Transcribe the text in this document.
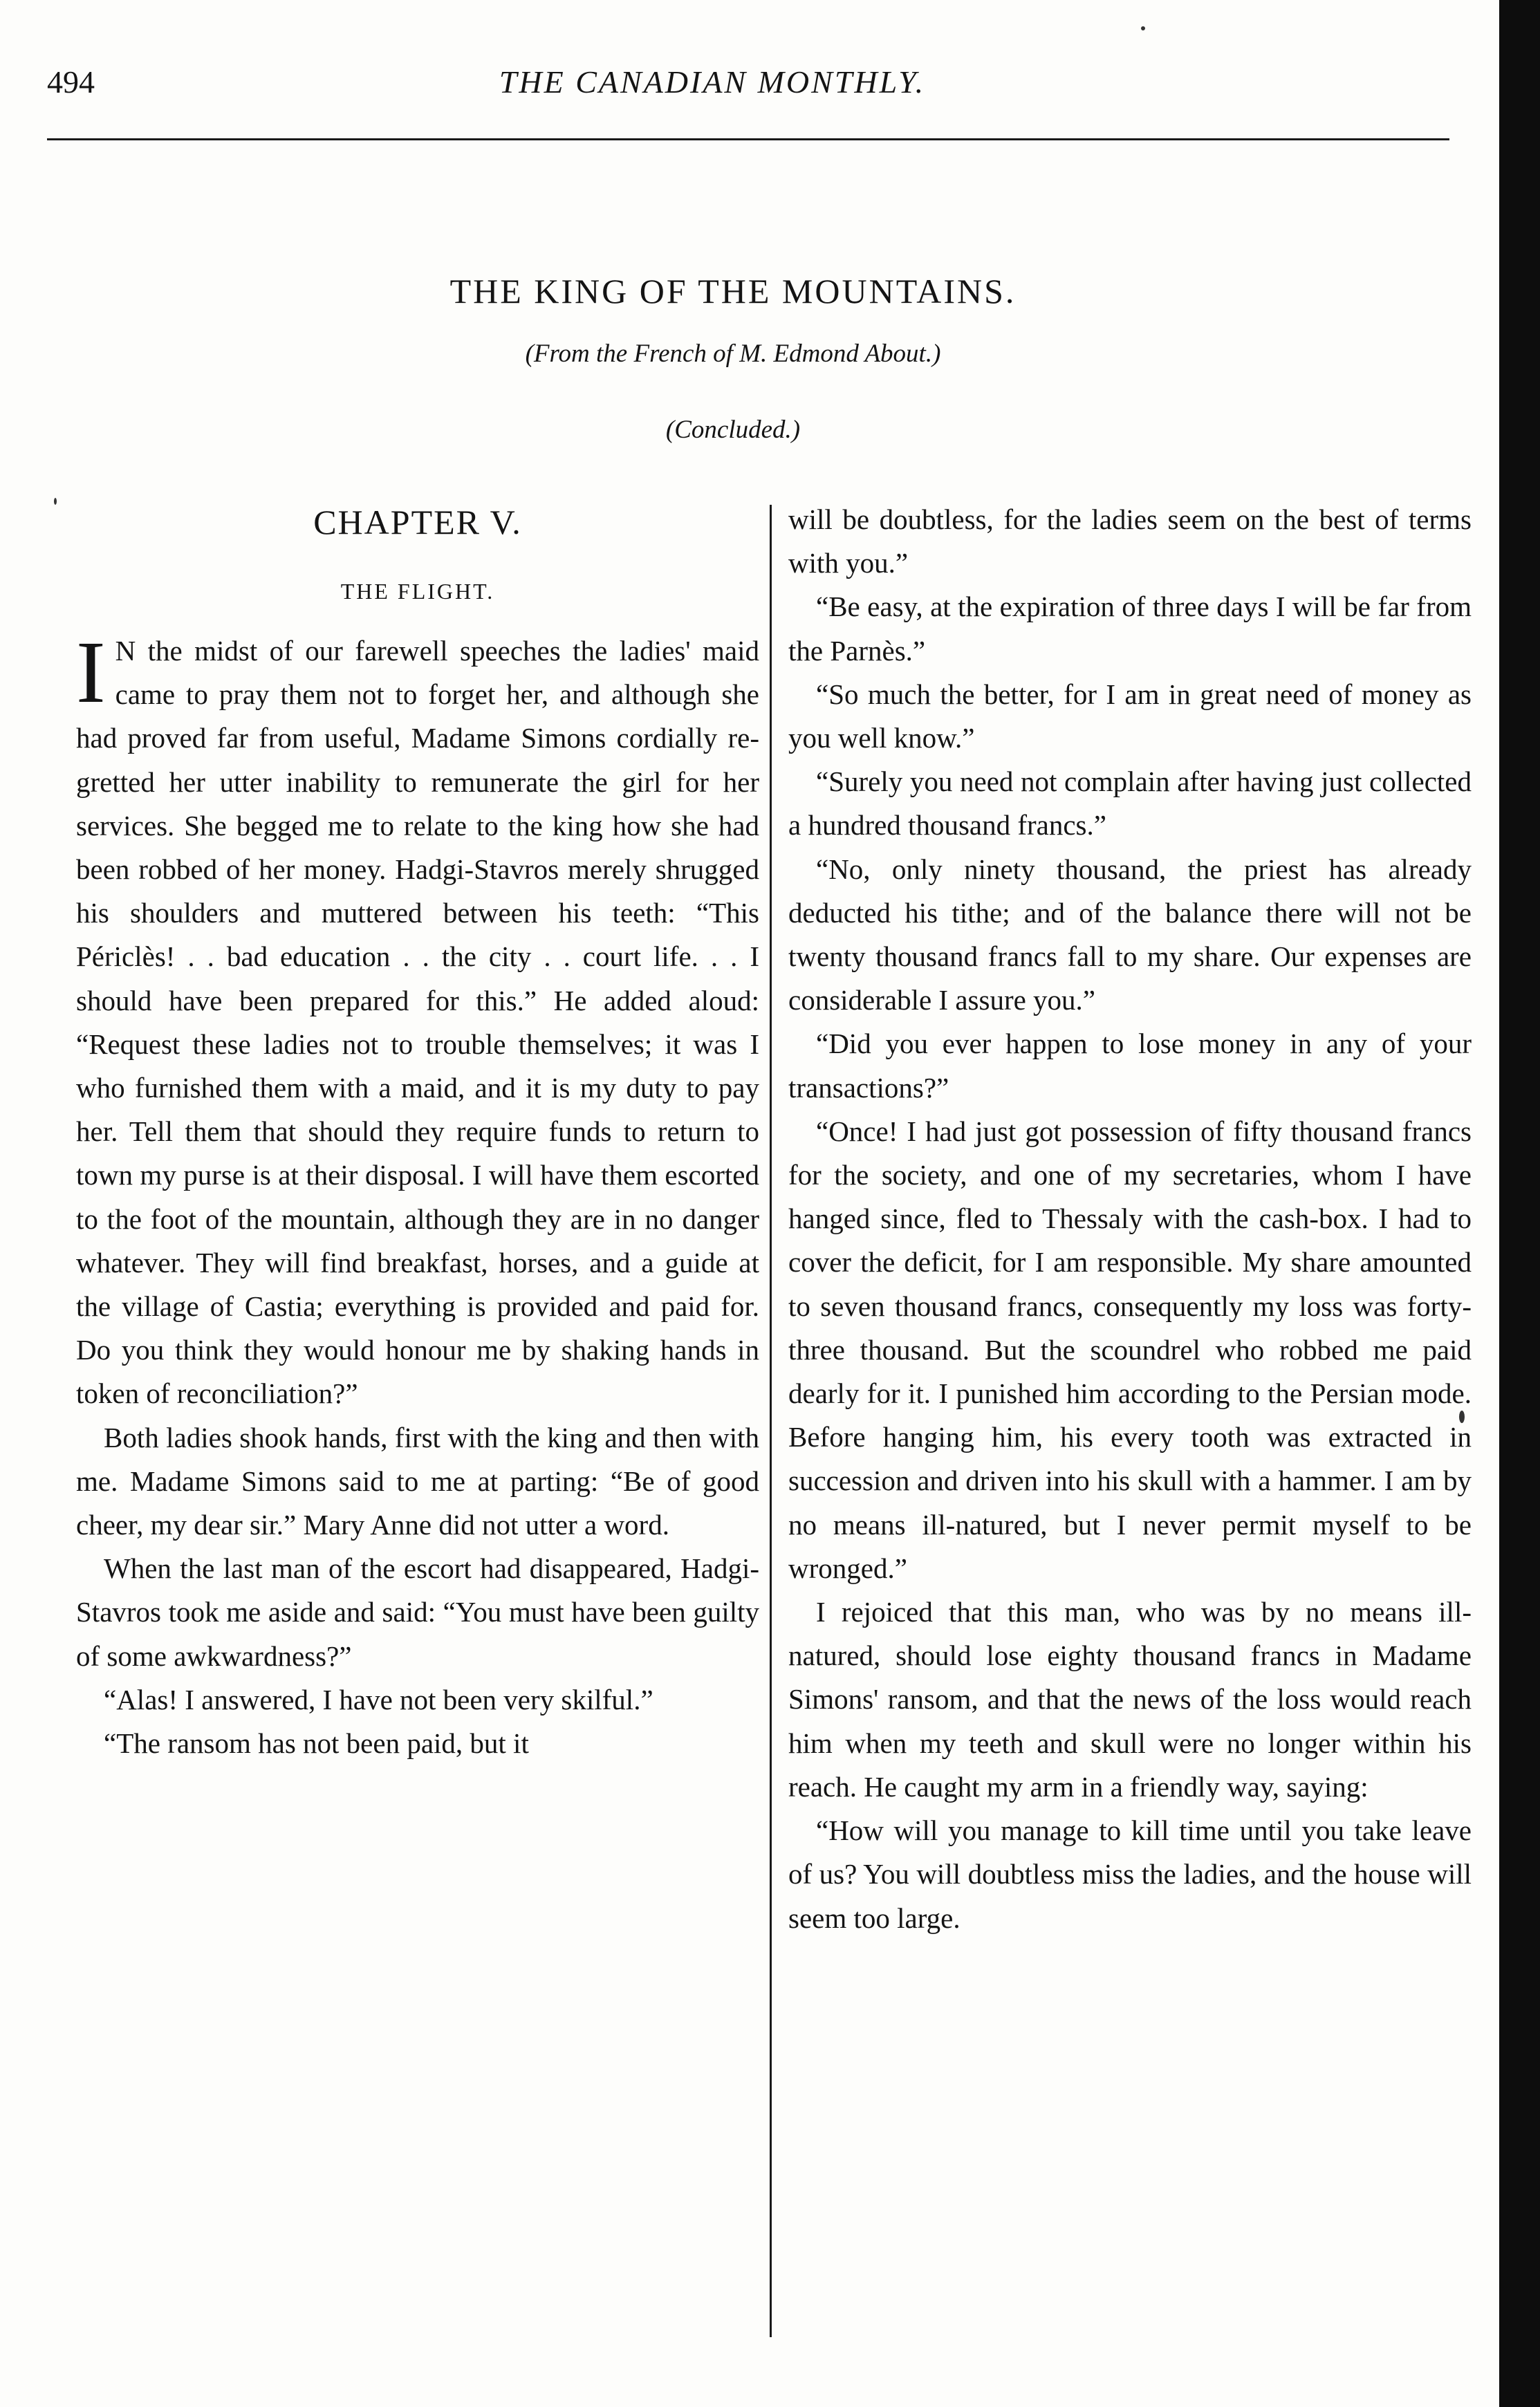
494	THE CANADIAN MONTHLY.
THE KING OF THE MOUNTAINS.
(From the French of M. Edmond About.)
(Concluded.)
CHAPTER V.
THE FLIGHT.

I N the midst of our farewell speeches the ladies' maid came to pray them not to forget her, and although she had proved far from useful, Madame Simons cordially regretted her utter inability to remunerate the girl for her services. She begged me to relate to the king how she had been robbed of her money. Hadgi-Stavros merely shrugged his shoulders and muttered between his teeth: “This Périclès! . . bad education . . the city . . court life. . . I should have been prepared for this.” He added aloud: “Request these ladies not to trouble themselves; it was I who furnished them with a maid, and it is my duty to pay her. Tell them that should they require funds to return to town my purse is at their disposal. I will have them escorted to the foot of the mountain, although they are in no danger whatever. They will find breakfast, horses, and a guide at the village of Castia; everything is provided and paid for. Do you think they would honour me by shaking hands in token of reconciliation?”

Both ladies shook hands, first with the king and then with me. Madame Simons said to me at parting: “Be of good cheer, my dear sir.” Mary Anne did not utter a word.

When the last man of the escort had disappeared, Hadgi-Stavros took me aside and said: “You must have been guilty of some awkwardness?”

“Alas! I answered, I have not been very skilful.”

“The ransom has not been paid, but it

will be doubtless, for the ladies seem on the best of terms with you.”

“Be easy, at the expiration of three days I will be far from the Parnès.”

“So much the better, for I am in great need of money as you well know.”

“Surely you need not complain after having just collected a hundred thousand francs.”

“No, only ninety thousand, the priest has already deducted his tithe; and of the balance there will not be twenty thousand francs fall to my share. Our expenses are considerable I assure you.”

“Did you ever happen to lose money in any of your transactions?”

“Once! I had just got possession of fifty thousand francs for the society, and one of my secretaries, whom I have hanged since, fled to Thessaly with the cash-box. I had to cover the deficit, for I am responsible. My share amounted to seven thousand francs, consequently my loss was forty-three thousand. But the scoundrel who robbed me paid dearly for it. I punished him according to the Persian mode. Before hanging him, his every tooth was extracted in succession and driven into his skull with a hammer. I am by no means ill-natured, but I never permit myself to be wronged.”

I rejoiced that this man, who was by no means ill-natured, should lose eighty thousand francs in Madame Simons' ransom, and that the news of the loss would reach him when my teeth and skull were no longer within his reach. He caught my arm in a friendly way, saying:

“How will you manage to kill time until you take leave of us? You will doubtless miss the ladies, and the house will seem too large.
